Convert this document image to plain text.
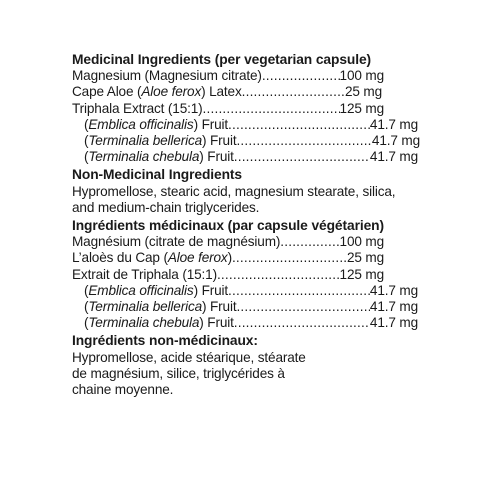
Medicinal Ingredients (per vegetarian capsule)
Magnesium (Magnesium citrate) .....	100 mg
Cape Aloe (Aloe ferox) Latex .....	25 mg
Triphala Extract (15:1) .....	125 mg
(Emblica officinalis) Fruit .....	41.7 mg
(Terminalia bellerica) Fruit .....	41.7 mg
(Terminalia chebula) Fruit .....	41.7 mg
Non-Medicinal Ingredients
Hypromellose, stearic acid, magnesium stearate, silica,
and medium-chain triglycerides.
Ingrédients médicinaux (par capsule végétarien)
Magnésium (citrate de magnésium) .....	100 mg
L’aloès du Cap (Aloe ferox) .....	25 mg
Extrait de Triphala (15:1) .....	125 mg
(Emblica officinalis) Fruit .....	41.7 mg
(Terminalia bellerica) Fruit .....	41.7 mg
(Terminalia chebula) Fruit .....	41.7 mg
Ingrédients non-médicinaux:
Hypromellose, acide stéarique, stéarate
de magnésium, silice, triglycérides à
chaine moyenne.
